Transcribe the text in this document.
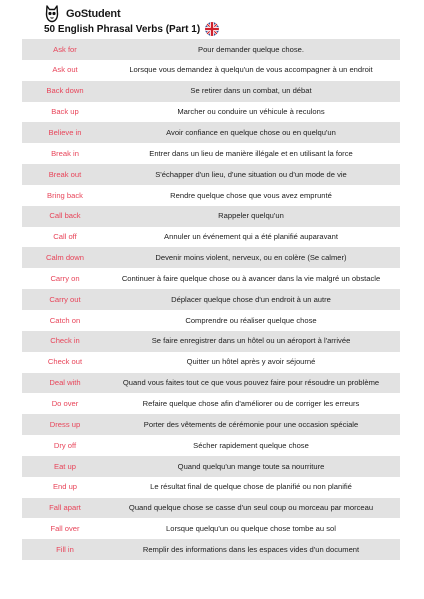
GoStudent
50 English Phrasal Verbs (Part 1)
Ask for	Pour demander quelque chose.
Ask out	Lorsque vous demandez à quelqu'un de vous accompagner à un endroit
Back down	Se retirer dans un combat, un débat
Back up	Marcher ou conduire un véhicule à reculons
Believe in	Avoir confiance en quelque chose ou en quelqu'un
Break in	Entrer dans un lieu de manière illégale et en utilisant la force
Break out	S'échapper d'un lieu, d'une situation ou d'un mode de vie
Bring back	Rendre quelque chose que vous avez emprunté
Call back	Rappeler quelqu'un
Call off	Annuler un événement qui a été planifié auparavant
Calm down	Devenir moins violent, nerveux, ou en colère (Se calmer)
Carry on	Continuer à faire quelque chose ou à avancer dans la vie malgré un obstacle
Carry out	Déplacer quelque chose d'un endroit à un autre
Catch on	Comprendre ou réaliser quelque chose
Check in	Se faire enregistrer dans un hôtel ou un aéroport à l'arrivée
Check out	Quitter un hôtel après y avoir séjourné
Deal with	Quand vous faites tout ce que vous pouvez faire pour résoudre un problème
Do over	Refaire quelque chose afin d'améliorer ou de corriger les erreurs
Dress up	Porter des vêtements de cérémonie pour une occasion spéciale
Dry off	Sécher rapidement quelque chose
Eat up	Quand quelqu'un mange toute sa nourriture
End up	Le résultat final de quelque chose de planifié ou non planifié
Fall apart	Quand quelque chose se casse d'un seul coup ou morceau par morceau
Fall over	Lorsque quelqu'un ou quelque chose tombe au sol
Fill in	Remplir des informations dans les espaces vides d'un document
